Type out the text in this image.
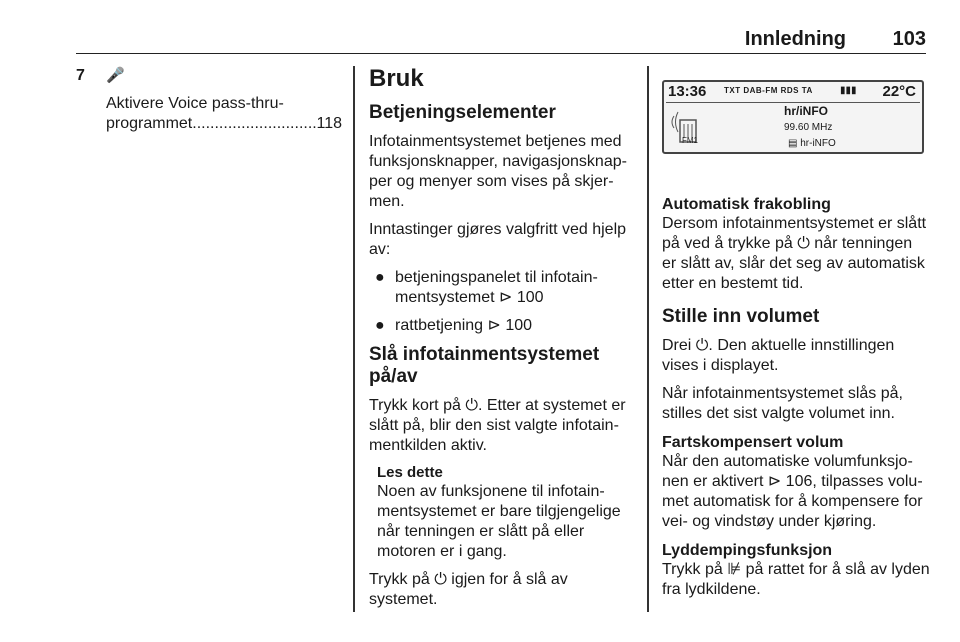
Innledning 103
7 🎤
Aktivere Voice pass-thru-
programmet
.....	118
Bruk
Betjeningselementer

Infotainmentsystemet betjenes med funksjonsknapper, navigasjonsknapper og menyer som vises på skjermen.

Inntastinger gjøres valgfritt ved hjelp av:

● betjeningspanelet til infotainmentsystemet ⊳ 100
● rattbetjening ⊳ 100
Slå infotainmentsystemet på/av

Trykk kort på ⏻. Etter at systemet er slått på, blir den sist valgte infotainmentkilden aktiv.

Les dette
Noen av funksjonene til infotainmentsystemet er bare tilgjengelige når tenningen er slått på eller motoren er i gang.

Trykk på ⏻ igjen for å slå av systemet.

13:36 TXT DAB-FM RDS TA	▮▮▮ 22°C
FM1
hr/iNFO
99.60 MHz
▤ hr-iNFO
Automatisk frakobling

Dersom infotainmentsystemet er slått på ved å trykke på ⏻ når tenningen er slått av, slår det seg av automatisk etter en bestemt tid.

Stille inn volumet

Drei ⏻. Den aktuelle innstillingen vises i displayet.

Når infotainmentsystemet slås på, stilles det sist valgte volumet inn.

Fartskompensert volum

Når den automatiske volumfunksjonen er aktivert ⊳ 106, tilpasses volumet automatisk for å kompensere for vei- og vindstøy under kjøring.

Lyddempingsfunksjon

Trykk på ⊯ på rattet for å slå av lyden fra lydkildene.
